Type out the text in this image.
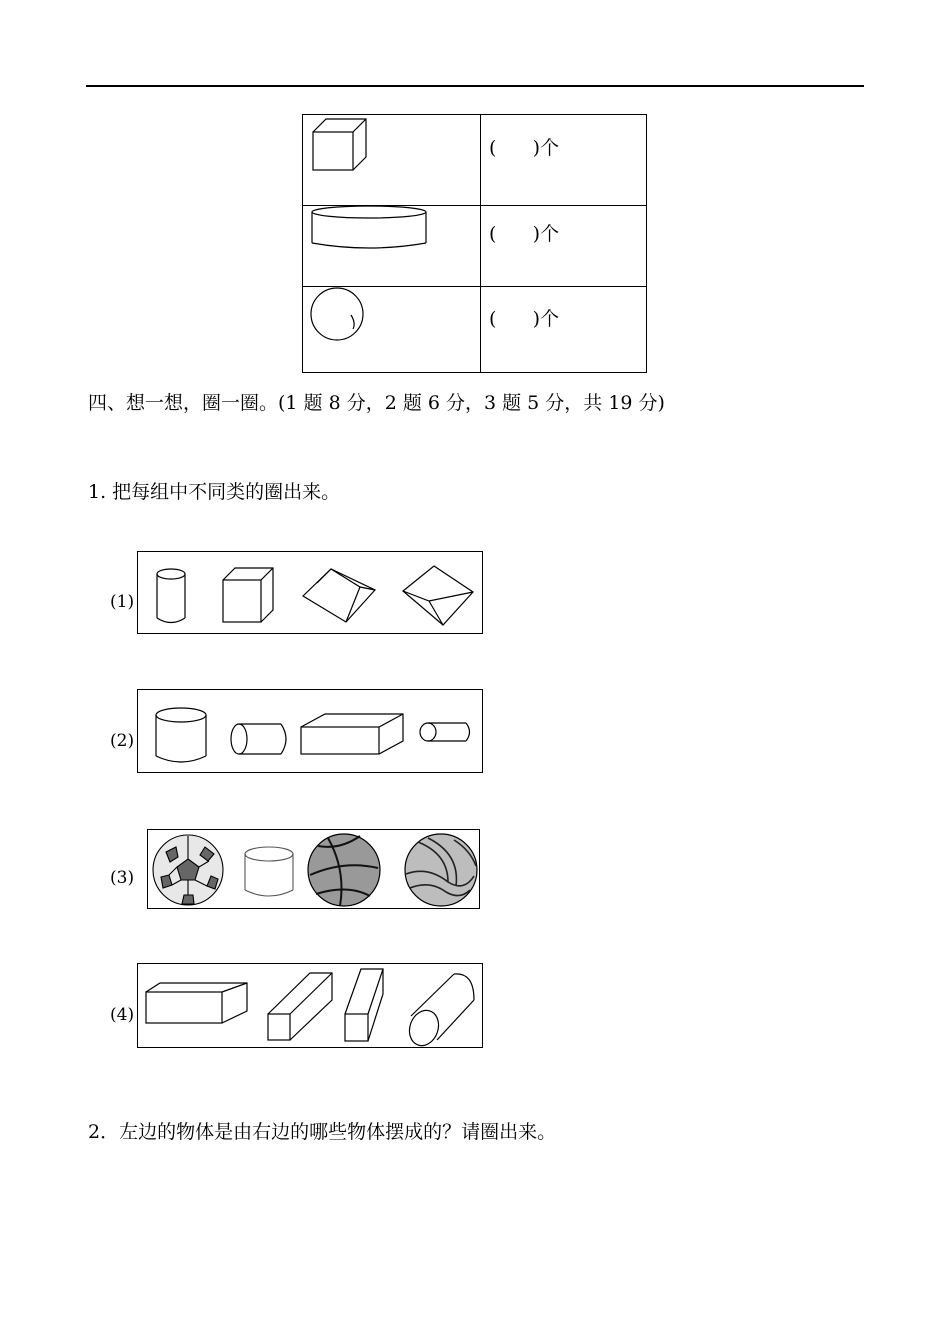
(      )个
(      )个
(      )个
四、想一想，圈一圈。(1 题 8 分，2 题 6 分，3 题 5 分，共 19 分)
1. 把每组中不同类的圈出来。
(1)
(2)
(3)
(4)
2．左边的物体是由右边的哪些物体摆成的？请圈出来。
